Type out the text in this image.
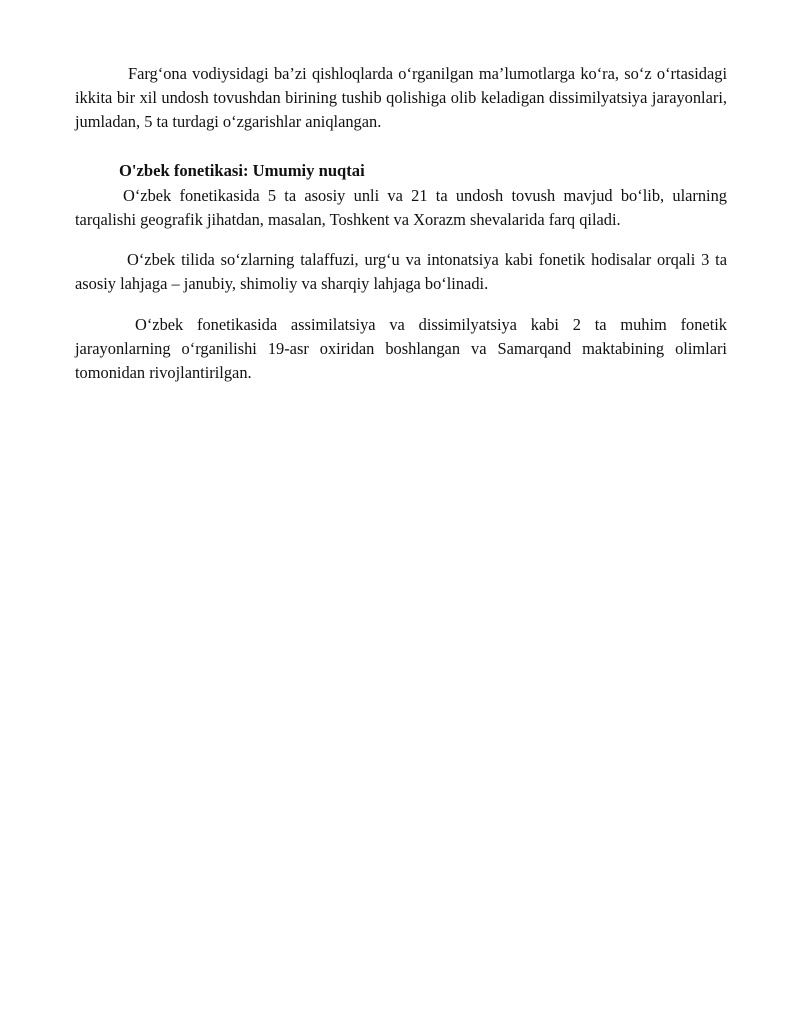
Farg‘ona vodiysidagi ba’zi qishloqlarda o‘rganilgan ma’lumotlarga ko‘ra, so‘z o‘rtasidagi ikkita bir xil undosh tovushdan birining tushib qolishiga olib keladigan dissimilyatsiya jarayonlari, jumladan, 5 ta turdagi o‘zgarishlar aniqlangan.

O'zbek fonetikasi: Umumiy nuqtai

O‘zbek fonetikasida 5 ta asosiy unli va 21 ta undosh tovush mavjud bo‘lib, ularning tarqalishi geografik jihatdan, masalan, Toshkent va Xorazm shevalarida farq qiladi.

O‘zbek tilida so‘zlarning talaffuzi, urg‘u va intonatsiya kabi fonetik hodisalar orqali 3 ta asosiy lahjaga – janubiy, shimoliy va sharqiy lahjaga bo‘linadi.

O‘zbek fonetikasida assimilatsiya va dissimilyatsiya kabi 2 ta muhim fonetik jarayonlarning o‘rganilishi 19-asr oxiridan boshlangan va Samarqand maktabining olimlari tomonidan rivojlantirilgan.
